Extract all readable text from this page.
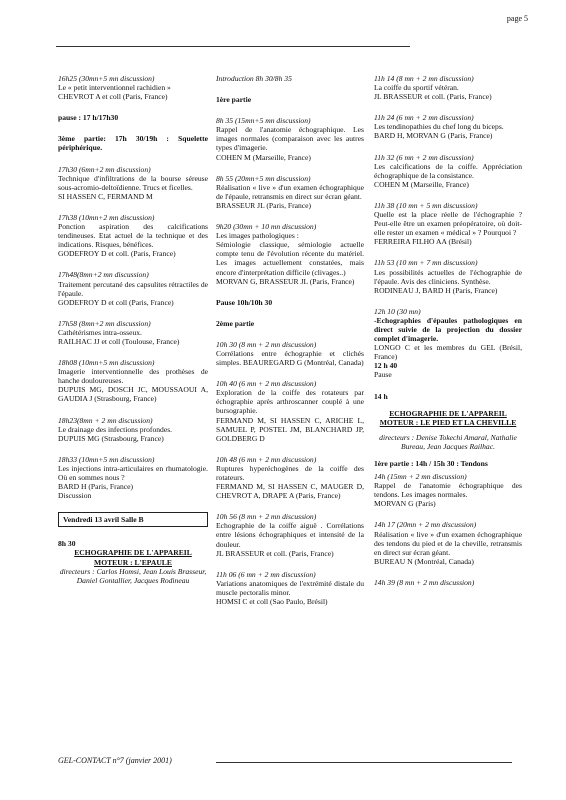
page 5
16h25 (30mn+5 mn discussion)
Le « petit interventionnel rachidien »
CHEVROT A et coll (Paris, France)
pause : 17 h/17h30
3ème partie: 17h 30/19h : Squelette périphérique.
17h30 (6mn+2 mn discussion)
Technique d'infiltrations de la bourse séreuse sous-acromio-deltoïdienne. Trucs et ficelles.
SI HASSEN C, FERMAND M
17h38 (10mn+2 mn discussion)
Ponction aspiration des calcifications tendineuses. Etat actuel de la technique et des indications. Risques, bénéfices.
GODEFROY D et coll. (Paris, France)
17h48(8mn+2 mn discussion)
Traitement percutané des capsulites rétractiles de l'épaule.
GODEFROY D et coll (Paris, France)
17h58 (8mn+2 mn discussion)
Cathétérismes intra-osseux.
RAILHAC JJ et coll (Toulouse, France)
18h08 (10mn+5 mn discussion)
Imagerie interventionnelle des prothèses de hanche douloureuses.
DUPUIS MG, DOSCH JC, MOUSSAOUI A, GAUDIA J (Strasbourg, France)
18h23(8mn + 2 mn discussion)
Le drainage des infections profondes.
DUPUIS MG (Strasbourg, France)
18h33 (10mn+5 mn discussion)
Les injections intra-articulaires en rhumatologie. Où en sommes nous ?
BARD H (Paris, France)
Discussion
Vendredi 13 avril Salle B
8h 30
ECHOGRAPHIE DE L'APPAREIL MOTEUR : L'EPAULE
directeurs : Carlos Homsi, Jean Louis Brasseur, Daniel Gontallier, Jacques Rodineau
Introduction 8h 30/8h 35
1ère partie
8h 35 (15mn+5 mn discussion)
Rappel de l'anatomie échographique. Les images normales (comparaison avec les autres types d'imagerie.
COHEN M (Marseille, France)
8h 55 (20mn+5 mn discussion)
Réalisation « live » d'un examen échographique de l'épaule, retransmis en direct sur écran géant.
BRASSEUR JL (Paris, France)
9h20 (30mn + 10 mn discussion)
Les images pathologiques :
Sémiologie classique, sémiologie actuelle compte tenu de l'évolution récente du matériel. Les images actuellement constatées, mais encore d'interprétation difficile (clivages..)
MORVAN G, BRASSEUR JL (Paris, France)
Pause 10h/10h 30
2ème partie
10h 30 (8 mn + 2 mn discussion)
Corrélations entre échographie et clichés simples. BEAUREGARD G (Montréal, Canada)
10h 40 (6 mn + 2 mn discussion)
Exploration de la coiffe des rotateurs par échographie après arthroscanner couplé à une bursographie.
FERMAND M, SI HASSEN C, ARICHE L, SAMUEL P, POSTEL JM, BLANCHARD JP, GOLDBERG D
10h 48 (6 mn + 2 mn discussion)
Ruptures hyperéchogènes de la coiffe des rotateurs.
FERMAND M, SI HASSEN C, MAUGER D, CHEVROT A, DRAPE A (Paris, France)
10h 56 (8 mn + 2 mn discussion)
Echographie de la coiffe aiguë . Corrélations entre lésions échographiques et intensité de la douleur.
JL BRASSEUR et coll. (Paris, France)
11h 06 (6 mn + 2 mn discussion)
Variations anatomiques de l'extrémité distale du muscle pectoralis minor.
HOMSI C et coll (Sao Paulo, Brésil)
11h 14 (8 mn + 2 mn discussion)
La coiffe du sportif vétéran.
JL BRASSEUR et coll. (Paris, France)
11h 24 (6 mn + 2 mn discussion)
Les tendinopathies du chef long du biceps.
BARD H, MORVAN G (Paris, France)
11h 32 (6 mn + 2 mn discussion)
Les calcifications de la coiffe. Appréciation échographique de la consistance.
COHEN M (Marseille, France)
11h 38 (10 mn + 5 mn discussion)
Quelle est la place réelle de l'échographie ? Peut-elle être un examen préopératoire, où doit-elle rester un examen « médical » ? Pourquoi ?
FERREIRA FILHO AA (Brésil)
11h 53 (10 mn + 7 mn discussion)
Les possibilités actuelles de l'échographie de l'épaule. Avis des cliniciens. Synthèse.
RODINEAU J, BARD H (Paris, France)
12h 10 (30 mn)
-Echographies d'épaules pathologiques en direct suivie de la projection du dossier complet d'imagerie.
LONGO C et les membres du GEL (Brésil, France)
12 h 40
Pause
14 h
ECHOGRAPHIE DE L'APPAREIL MOTEUR : LE PIED ET LA CHEVILLE
directeurs : Denise Tokechi Amaral, Nathalie Bureau, Jean Jacques Railhac.
1ère partie : 14h / 15h 30 : Tendons
14h (15mn + 2 mn discussion)
Rappel de l'anatomie échographique des tendons. Les images normales.
MORVAN G (Paris)
14h 17 (20mn + 2 mn discussion)
Réalisation « live » d'un examen échographique des tendons du pied et de la cheville, retransmis en direct sur écran géant.
BUREAU N (Montréal, Canada)
14h 39 (8 mn + 2 mn discussion)
GEL-CONTACT n°7 (janvier 2001)
